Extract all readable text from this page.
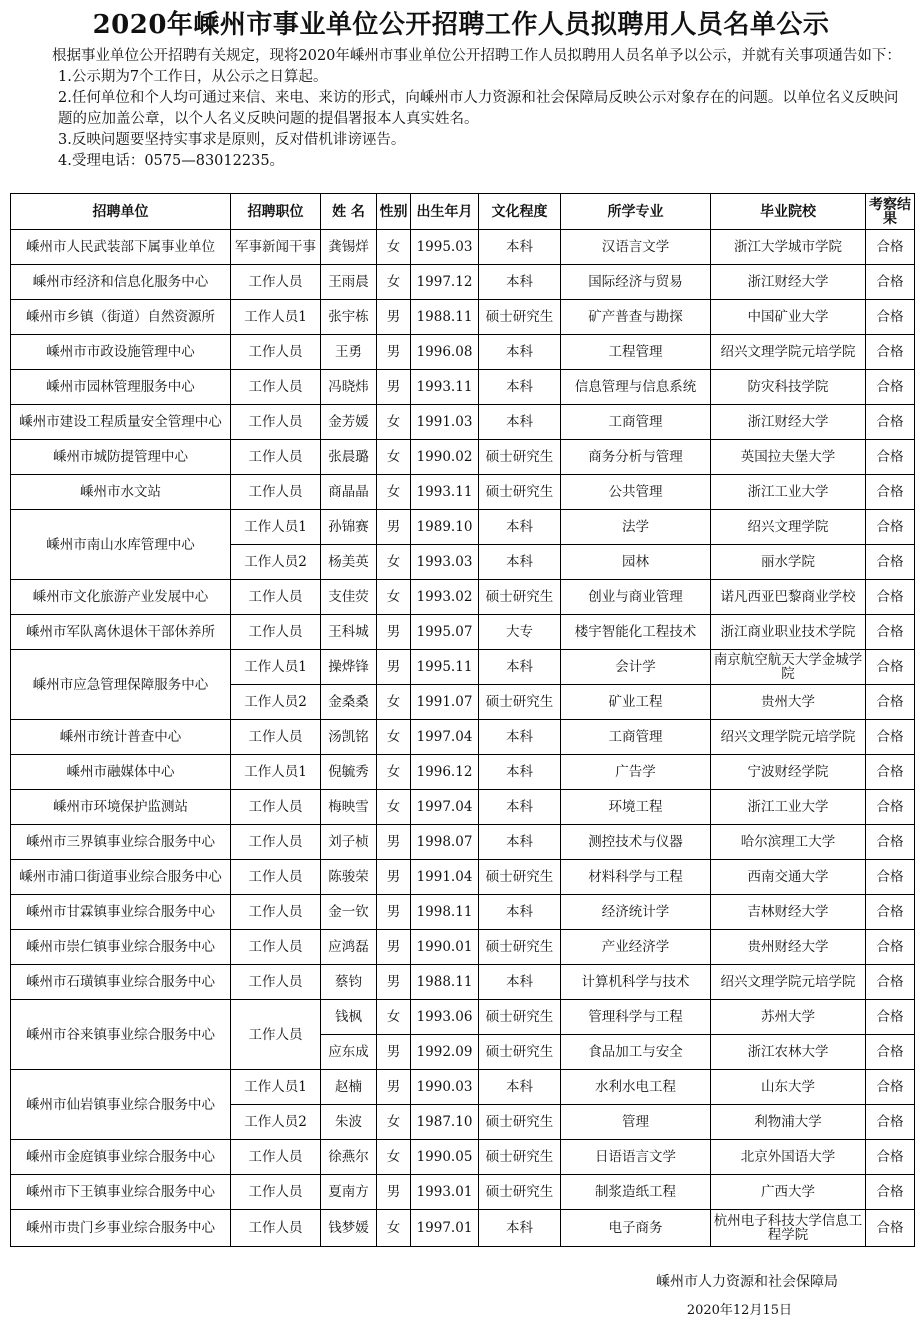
2020年嵊州市事业单位公开招聘工作人员拟聘用人员名单公示

根据事业单位公开招聘有关规定，现将2020年嵊州市事业单位公开招聘工作人员拟聘用人员名单予以公示，并就有关事项通告如下：

1.公示期为7个工作日，从公示之日算起。

2.任何单位和个人均可通过来信、来电、来访的形式，向嵊州市人力资源和社会保障局反映公示对象存在的问题。以单位名义反映问题的应加盖公章，以个人名义反映问题的提倡署报本人真实姓名。

3.反映问题要坚持实事求是原则，反对借机诽谤诬告。

4.受理电话：0575—83012235。

招聘单位	招聘职位	姓 名	性别	出生年月	文化程度	所学专业	毕业院校	考察结果
嵊州市人民武装部下属事业单位	军事新闻干事	龚锡烊	女	1995.03	本科	汉语言文学	浙江大学城市学院	合格
嵊州市经济和信息化服务中心	工作人员	王雨晨	女	1997.12	本科	国际经济与贸易	浙江财经大学	合格
嵊州市乡镇（街道）自然资源所	工作人员1	张宇栋	男	1988.11	硕士研究生	矿产普查与勘探	中国矿业大学	合格
嵊州市市政设施管理中心	工作人员	王勇	男	1996.08	本科	工程管理	绍兴文理学院元培学院	合格
嵊州市园林管理服务中心	工作人员	冯晓炜	男	1993.11	本科	信息管理与信息系统	防灾科技学院	合格
嵊州市建设工程质量安全管理中心	工作人员	金芳媛	女	1991.03	本科	工商管理	浙江财经大学	合格
嵊州市城防提管理中心	工作人员	张晨璐	女	1990.02	硕士研究生	商务分析与管理	英国拉夫堡大学	合格
嵊州市水文站	工作人员	商晶晶	女	1993.11	硕士研究生	公共管理	浙江工业大学	合格
嵊州市南山水库管理中心	工作人员1	孙锦赛	男	1989.10	本科	法学	绍兴文理学院	合格
	工作人员2	杨美英	女	1993.03	本科	园林	丽水学院	合格
嵊州市文化旅游产业发展中心	工作人员	支佳荧	女	1993.02	硕士研究生	创业与商业管理	诺凡西亚巴黎商业学校	合格
嵊州市军队离休退休干部休养所	工作人员	王科城	男	1995.07	大专	楼宇智能化工程技术	浙江商业职业技术学院	合格
嵊州市应急管理保障服务中心	工作人员1	操烨锋	男	1995.11	本科	会计学	南京航空航天大学金城学院	合格
	工作人员2	金桑桑	女	1991.07	硕士研究生	矿业工程	贵州大学	合格
嵊州市统计普查中心	工作人员	汤凯铭	女	1997.04	本科	工商管理	绍兴文理学院元培学院	合格
嵊州市融媒体中心	工作人员1	倪毓秀	女	1996.12	本科	广告学	宁波财经学院	合格
嵊州市环境保护监测站	工作人员	梅映雪	女	1997.04	本科	环境工程	浙江工业大学	合格
嵊州市三界镇事业综合服务中心	工作人员	刘子桢	男	1998.07	本科	测控技术与仪器	哈尔滨理工大学	合格
嵊州市浦口街道事业综合服务中心	工作人员	陈骏荣	男	1991.04	硕士研究生	材料科学与工程	西南交通大学	合格
嵊州市甘霖镇事业综合服务中心	工作人员	金一钦	男	1998.11	本科	经济统计学	吉林财经大学	合格
嵊州市崇仁镇事业综合服务中心	工作人员	应鸿磊	男	1990.01	硕士研究生	产业经济学	贵州财经大学	合格
嵊州市石璜镇事业综合服务中心	工作人员	蔡钧	男	1988.11	本科	计算机科学与技术	绍兴文理学院元培学院	合格
嵊州市谷来镇事业综合服务中心	工作人员	钱枫	女	1993.06	硕士研究生	管理科学与工程	苏州大学	合格
		应东成	男	1992.09	硕士研究生	食品加工与安全	浙江农林大学	合格
嵊州市仙岩镇事业综合服务中心	工作人员1	赵楠	男	1990.03	本科	水利水电工程	山东大学	合格
	工作人员2	朱波	女	1987.10	硕士研究生	管理	利物浦大学	合格
嵊州市金庭镇事业综合服务中心	工作人员	徐燕尔	女	1990.05	硕士研究生	日语语言文学	北京外国语大学	合格
嵊州市下王镇事业综合服务中心	工作人员	夏南方	男	1993.01	硕士研究生	制浆造纸工程	广西大学	合格
嵊州市贵门乡事业综合服务中心	工作人员	钱梦媛	女	1997.01	本科	电子商务	杭州电子科技大学信息工程学院	合格
嵊州市人力资源和社会保障局
2020年12月15日
